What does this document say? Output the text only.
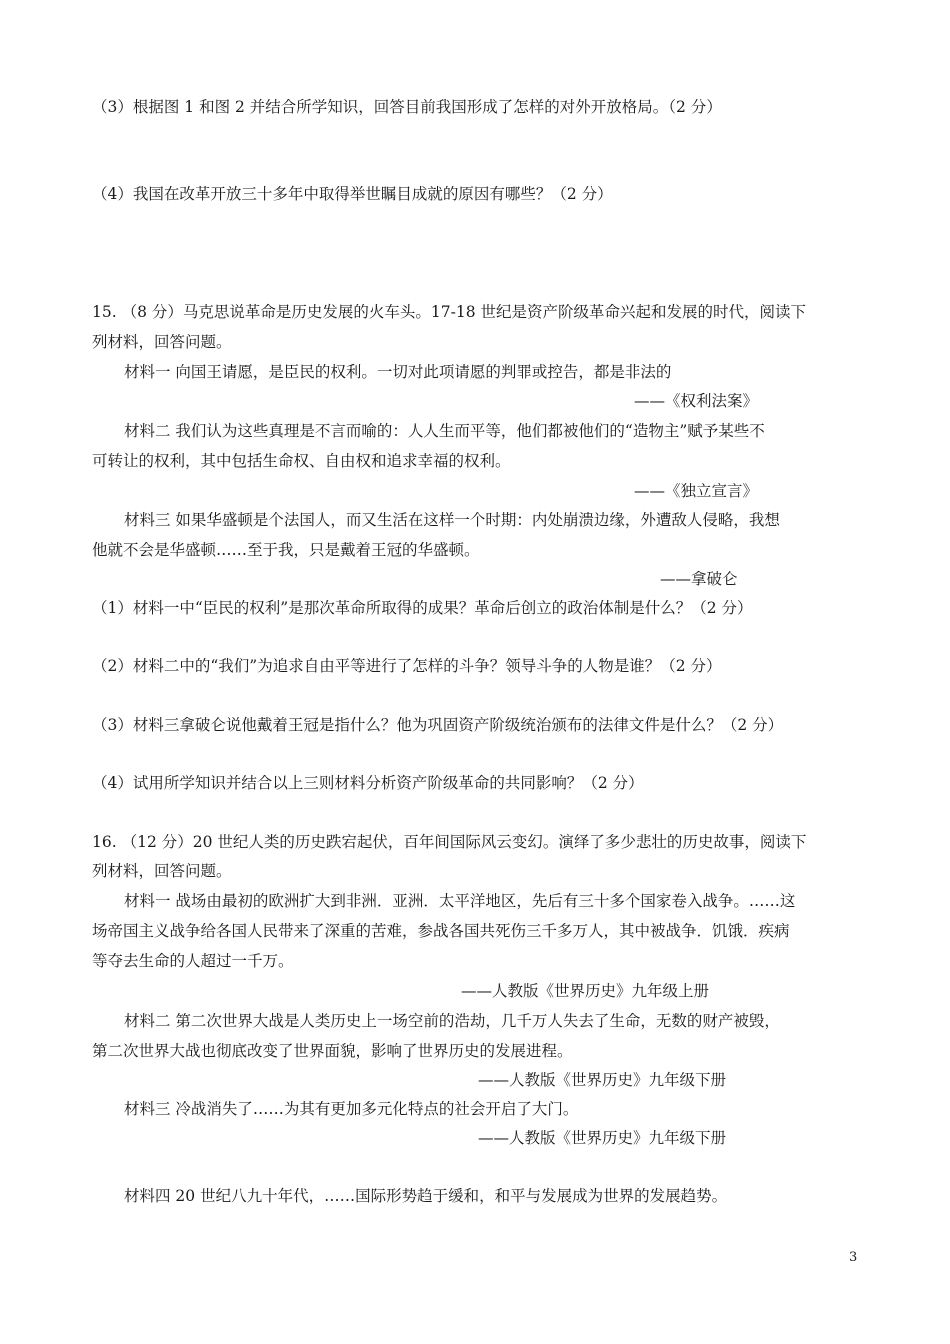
（3）根据图 1 和图 2 并结合所学知识，回答目前我国形成了怎样的对外开放格局。（2 分）
（4）我国在改革开放三十多年中取得举世瞩目成就的原因有哪些？（2 分）
15. （8 分）马克思说革命是历史发展的火车头。17-18 世纪是资产阶级革命兴起和发展的时代，阅读下
列材料，回答问题。
材料一 向国王请愿，是臣民的权利。一切对此项请愿的判罪或控告，都是非法的
——《权利法案》
材料二 我们认为这些真理是不言而喻的：人人生而平等，他们都被他们的“造物主”赋予某些不
可转让的权利，其中包括生命权、自由权和追求幸福的权利。
——《独立宣言》
材料三 如果华盛顿是个法国人，而又生活在这样一个时期：内处崩溃边缘，外遭敌人侵略，我想
他就不会是华盛顿……至于我，只是戴着王冠的华盛顿。
——拿破仑
（1）材料一中“臣民的权利”是那次革命所取得的成果？革命后创立的政治体制是什么？（2 分）
（2）材料二中的“我们”为追求自由平等进行了怎样的斗争？领导斗争的人物是谁？（2 分）
（3）材料三拿破仑说他戴着王冠是指什么？他为巩固资产阶级统治颁布的法律文件是什么？（2 分）
（4）试用所学知识并结合以上三则材料分析资产阶级革命的共同影响？（2 分）
16. （12 分）20 世纪人类的历史跌宕起伏，百年间国际风云变幻。演绎了多少悲壮的历史故事，阅读下
列材料，回答问题。
材料一 战场由最初的欧洲扩大到非洲．亚洲．太平洋地区，先后有三十多个国家卷入战争。……这
场帝国主义战争给各国人民带来了深重的苦难，参战各国共死伤三千多万人，其中被战争．饥饿．疾病
等夺去生命的人超过一千万。
——人教版《世界历史》九年级上册
材料二 第二次世界大战是人类历史上一场空前的浩劫，几千万人失去了生命，无数的财产被毁，
第二次世界大战也彻底改变了世界面貌，影响了世界历史的发展进程。
——人教版《世界历史》九年级下册
材料三 冷战消失了……为其有更加多元化特点的社会开启了大门。
——人教版《世界历史》九年级下册
材料四 20 世纪八九十年代，……国际形势趋于缓和，和平与发展成为世界的发展趋势。
3
